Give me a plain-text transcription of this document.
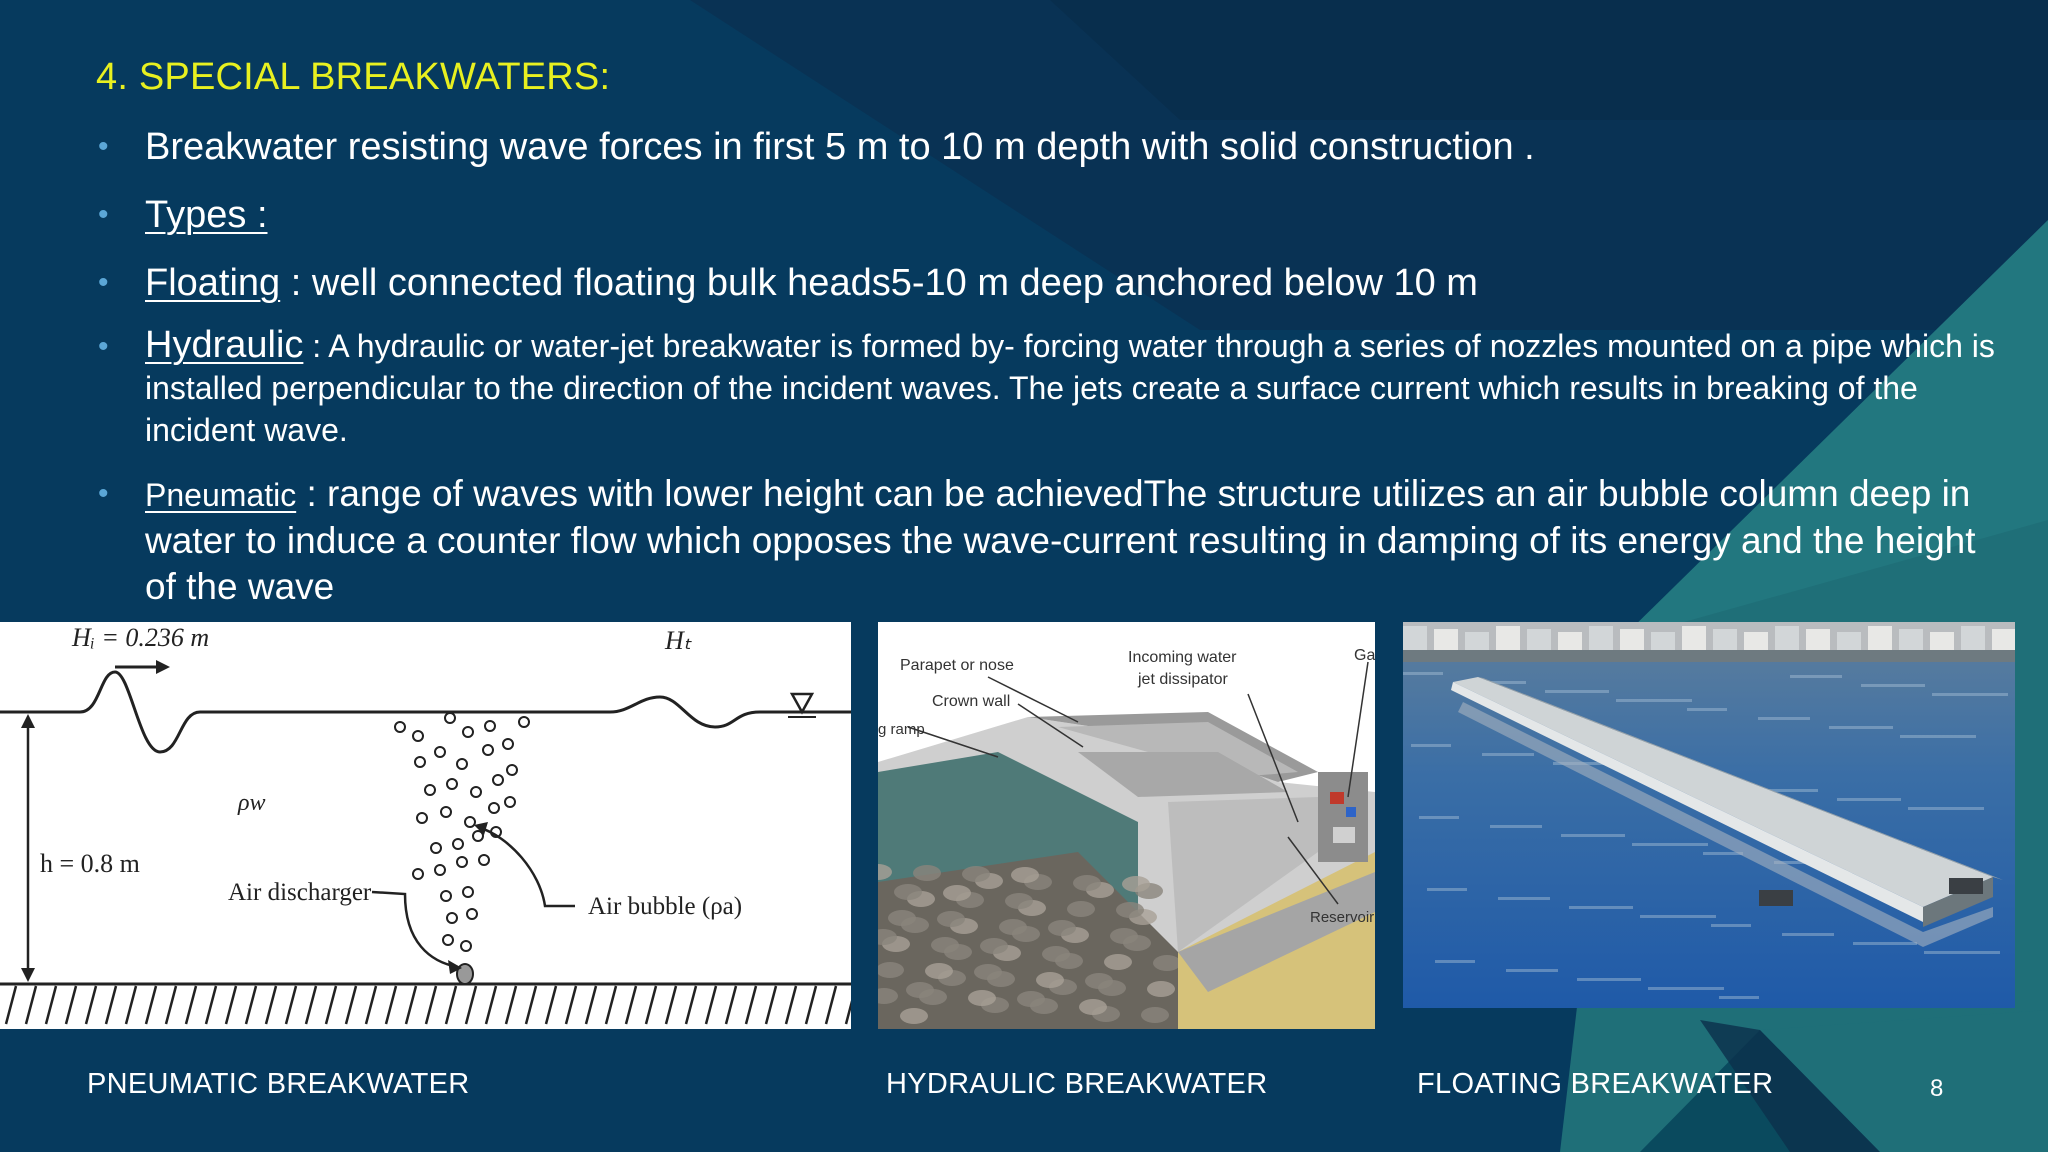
4. SPECIAL BREAKWATERS:
• Breakwater resisting wave forces in first 5 m to 10 m depth with solid construction .
• Types :
• Floating : well connected floating bulk heads5-10 m deep anchored below 10 m
• Hydraulic : A hydraulic or water-jet breakwater is formed by- forcing water through a series of nozzles mounted on a pipe which is installed perpendicular to the direction of the incident waves. The jets create a surface current which results in breaking of the incident wave.
• Pneumatic : range of waves with lower height can be achievedThe structure utilizes an air bubble column deep in water to induce a counter flow which opposes the wave-current resulting in damping of its energy and the height of the wave
Hᵢ = 0.236 m	Hₜ
ρw
h = 0.8 m
Air discharger
Air bubble (ρa)
Parapet or nose
Crown wall
g ramp
Incoming water
jet dissipator
Ga
Reservoir

PNEUMATIC BREAKWATER	HYDRAULIC BREAKWATER	FLOATING BREAKWATER	8
